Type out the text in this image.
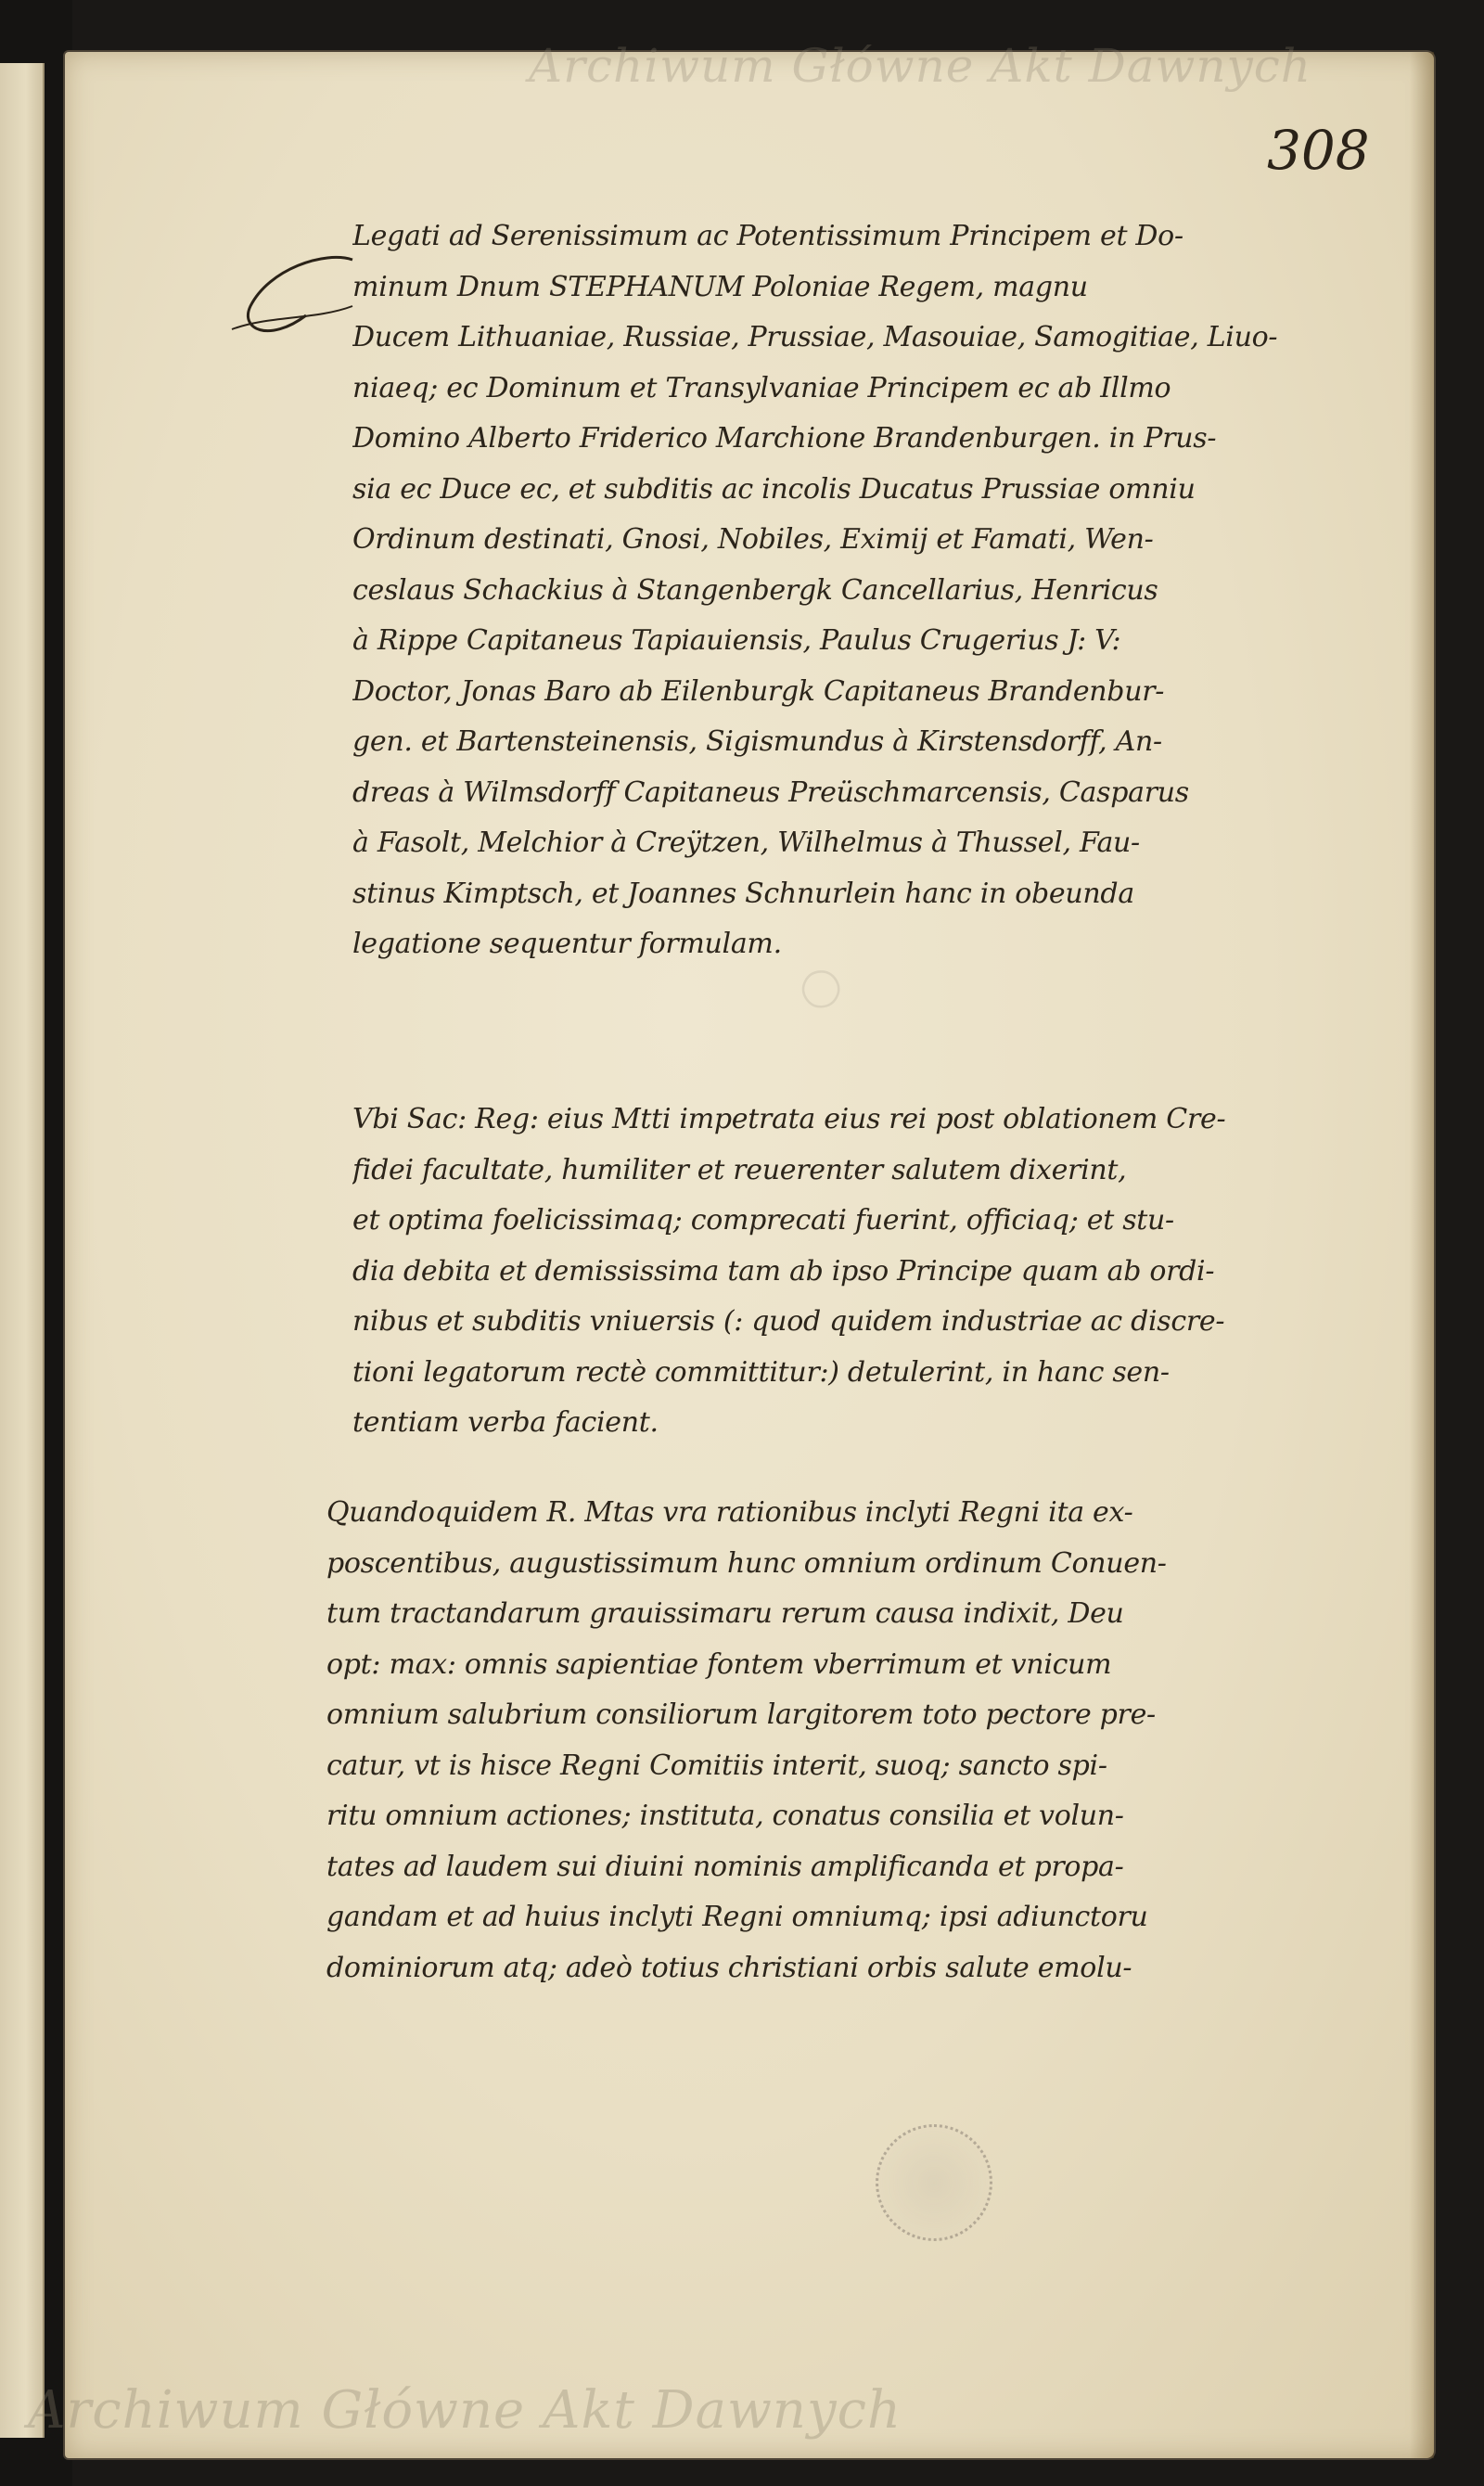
Archiwum Główne Akt Dawnych
308
◯
Legati ad Serenissimum ac Potentissimum Principem et Do-
minum Dnum STEPHANUM Poloniae Regem, magnu
Ducem Lithuaniae, Russiae, Prussiae, Masouiae, Samogitiae, Liuo-
niaeq; ec Dominum et Transylvaniae Principem ec ab Illmo
Domino Alberto Friderico Marchione Brandenburgen. in Prus-
sia ec Duce ec, et subditis ac incolis Ducatus Prussiae omniu
Ordinum destinati, Gnosi, Nobiles, Eximij et Famati, Wen-
ceslaus Schackius à Stangenbergk Cancellarius, Henricus
à Rippe Capitaneus Tapiauiensis, Paulus Crugerius J: V:
Doctor, Jonas Baro ab Eilenburgk Capitaneus Brandenbur-
gen. et Bartensteinensis, Sigismundus à Kirstensdorff, An-
dreas à Wilmsdorff Capitaneus Preüschmarcensis, Casparus
à Fasolt, Melchior à Creÿtzen, Wilhelmus à Thussel, Fau-
stinus Kimptsch, et Joannes Schnurlein hanc in obeunda
legatione sequentur formulam.
Vbi Sac: Reg: eius Mtti impetrata eius rei post oblationem Cre-
fidei facultate, humiliter et reuerenter salutem dixerint,
et optima foelicissimaq; comprecati fuerint, officiaq; et stu-
dia debita et demississima tam ab ipso Principe quam ab ordi-
nibus et subditis vniuersis (: quod quidem industriae ac discre-
tioni legatorum rectè committitur:) detulerint, in hanc sen-
tentiam verba facient.
Quandoquidem R. Mtas vra rationibus inclyti Regni ita ex-
poscentibus, augustissimum hunc omnium ordinum Conuen-
tum tractandarum grauissimaru rerum causa indixit, Deu
opt: max: omnis sapientiae fontem vberrimum et vnicum
omnium salubrium consiliorum largitorem toto pectore pre-
catur, vt is hisce Regni Comitiis interit, suoq; sancto spi-
ritu omnium actiones; instituta, conatus consilia et volun-
tates ad laudem sui diuini nominis amplificanda et propa-
gandam et ad huius inclyti Regni omniumq; ipsi adiunctoru
dominiorum atq; adeò totius christiani orbis salute emolu-
Archiwum Główne Akt Dawnych
